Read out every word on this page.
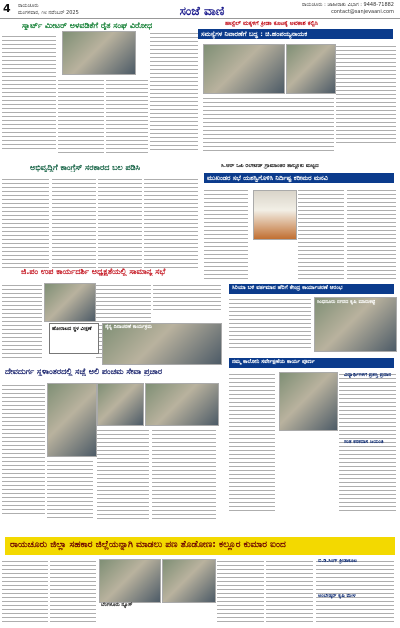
4	ರಾಯಚೂರು
ಮಂಗಳವಾರ, ೧೮ ನವೆಂಬರ್ 2025	ಸಂಜೆ ವಾಣಿ	ರಾಯಚೂರು : ಜಾಹೀರಾತು ವಿಭಾಗ : 9448-71882
contact@sanjevaani.com
ಸ್ಮಾರ್ಟ್ ಮೀಟರ್ ಅಳವಡಿಕೆಗೆ ರೈತ ಸಂಘ ವಿರೋಧ	ಹಾಸ್ಟೆಲ್ ಮಕ್ಕಳಿಗೆ ಕ್ರೀಡಾ ಕೂಟಕ್ಕೆ ಅವಕಾಶ ಕಲ್ಪಿಸಿ
ಸಮಸ್ಯೆಗಳ ನಿವಾರಣೆಗೆ ಬದ್ಧ : ಚಿ.ಹಂಪಯ್ಯನಾಯಕ
ಅಭಿವೃದ್ಧಿಗೆ ಕಾಂಗ್ರೆಸ್ ಸರಕಾರದ ಬಲ ಪಡಿಸಿ	ಸಿ.ಆರ್ ಓಪಿ ರಿಲೇಟೆಡ್ ಗ್ರಾಮಾಂತರ ತಾಲ್ಲೂಕು ಮಟ್ಟದ
ಮುಖಂಡರ ಸಭೆ ಯಶಸ್ವಿಗೊಳಿಸಿ ನಿರ್ದಿಷ್ಟ ಕರೀಮರ ಮನವಿ
ಜಿ.ಪಂ ಉಪ ಕಾರ್ಯದರ್ಶಿ ಅಧ್ಯಕ್ಷತೆಯಲ್ಲಿ ಸಾಮಾನ್ಯ ಸಭೆ
ಸಿರಿಯಾ ಬಳಿ ವರ್ತಮಾನ ಹೆರಿಗೆ ಕೇಂದ್ರ ಕಾರ್ಯಾಚರಣೆ ಆರಂಭ
ಹೋರಾಟದ ಸ್ಥಳ ವೀಕ್ಷಣೆ	ಸೈನ್ಯ ದಿನಾಚರಣೆ ಕಾರ್ಯಕ್ರಮ
ದೇವದುರ್ಗ ಸ್ಥಳಾಂತರದಲ್ಲಿ ಸಚ್ಚೆ ಅಲಿ ಪಂಚಮ ಸೇವಾ ಪ್ರಚಾರ
ನಮ್ಮ ಕಾಲೋನಿ ಸರ್ವೇಕ್ಷಣೆಯ ಕಾರ್ಯ ಪೂರ್ಣ
ಸಿಂಧನೂರು ನಗರದ ಕೃಷಿ ಮಾರುಕಟ್ಟೆ
ವಿದ್ಯಾರ್ಥಿಗಳಿಗೆ ಪ್ರಶಸ್ತಿ ಪ್ರದಾನ
ಸಂತ ಕನಕದಾಸ ಜಯಂತಿ
ರಾಯಚೂರು ಜಿಲ್ಲಾ ಸಹಕಾರ ಜಿಲ್ಲೆಯನ್ನಾಗಿ ಮಾಡಲು ಪಣ ತೊಡೋಣ: ಕಲ್ಲೂರ ಕುಮಾರ ಐಂದ
ಬಿ.ಡಿ.ಸಿಂಗ್ ಕ್ರೀಡಾಕೂಟ
ಅಂಬೇಡ್ಕರ್ ಕೃಷಿ ಮೇಳ
ಬೆಂಗಳೂರು ನ್ಯೂಸ್
